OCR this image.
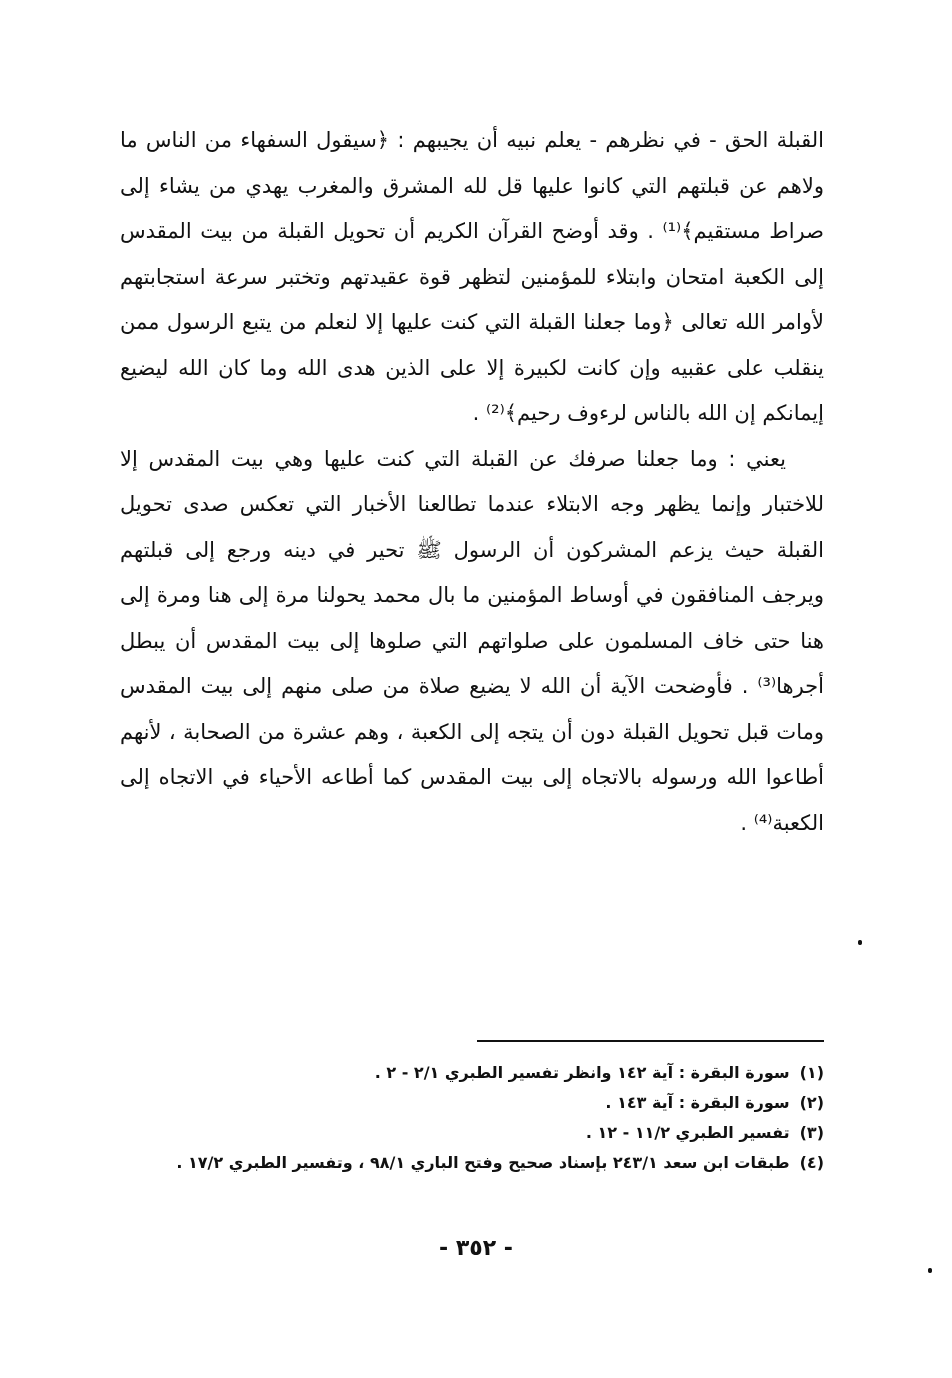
القبلة الحق - في نظرهم - يعلم نبيه أن يجيبهم : ﴿سيقول السفهاء من الناس ما ولاهم عن قبلتهم التي كانوا عليها قل لله المشرق والمغرب يهدي من يشاء إلى صراط مستقيم﴾⁽¹⁾ . وقد أوضح القرآن الكريم أن تحويل القبلة من بيت المقدس إلى الكعبة امتحان وابتلاء للمؤمنين لتظهر قوة عقيدتهم وتختبر سرعة استجابتهم لأوامر الله تعالى ﴿وما جعلنا القبلة التي كنت عليها إلا لنعلم من يتبع الرسول ممن ينقلب على عقبيه وإن كانت لكبيرة إلا على الذين هدى الله وما كان الله ليضيع إيمانكم إن الله بالناس لرءوف رحيم﴾⁽²⁾ .

يعني : وما جعلنا صرفك عن القبلة التي كنت عليها وهي بيت المقدس إلا للاختبار وإنما يظهر وجه الابتلاء عندما تطالعنا الأخبار التي تعكس صدى تحويل القبلة حيث يزعم المشركون أن الرسول ﷺ تحير في دينه ورجع إلى قبلتهم ويرجف المنافقون في أوساط المؤمنين ما بال محمد يحولنا مرة إلى هنا ومرة إلى هنا حتى خاف المسلمون على صلواتهم التي صلوها إلى بيت المقدس أن يبطل أجرها⁽³⁾ . فأوضحت الآية أن الله لا يضيع صلاة من صلى منهم إلى بيت المقدس ومات قبل تحويل القبلة دون أن يتجه إلى الكعبة ، وهم عشرة من الصحابة ، لأنهم أطاعوا الله ورسوله بالاتجاه إلى بيت المقدس كما أطاعه الأحياء في الاتجاه إلى الكعبة⁽⁴⁾ .

(١)
سورة البقرة : آية ١٤٢ وانظر تفسير الطبري ٢/١ - ٢ .
(٢)
سورة البقرة : آية ١٤٣ .
(٣)
تفسير الطبري ١١/٢ - ١٢ .
(٤)
طبقات ابن سعد ٢٤٣/١ بإسناد صحيح وفتح الباري ٩٨/١ ، وتفسير الطبري ١٧/٢ .
- ٣٥٢ -
